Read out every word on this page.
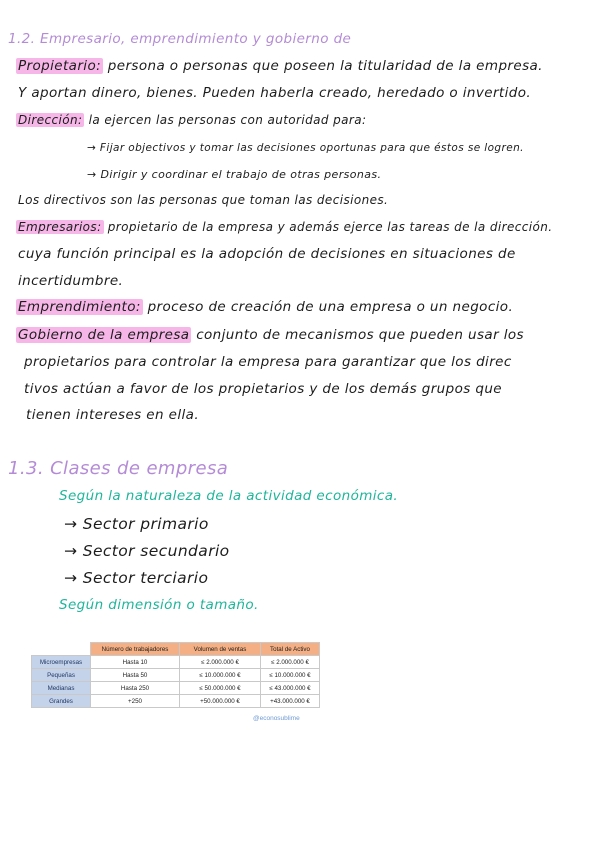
1.2. Empresario, emprendimiento y gobierno de
Propietario: persona o personas que poseen la titularidad de la empresa.
Y aportan dinero, bienes. Pueden haberla creado, heredado o invertido.
Dirección: la ejercen las personas con autoridad para:
→ Fijar objectivos y tomar las decisiones oportunas para que éstos se logren.
→ Dirigir y coordinar el trabajo de otras personas.
Los directivos son las personas que toman las decisiones.
Empresarios: propietario de la empresa y además ejerce las tareas de la dirección.
cuya función principal es la adopción de decisiones en situaciones de
incertidumbre.
Emprendimiento: proceso de creación de una empresa o un negocio.
Gobierno de la empresa conjunto de mecanismos que pueden usar los
propietarios para controlar la empresa para garantizar que los direc
tivos actúan a favor de los propietarios y de los demás grupos que
tienen intereses en ella.
1.3. Clases de empresa
Según la naturaleza de la actividad económica.
→ Sector primario
→ Sector secundario
→ Sector terciario
Según dimensión o tamaño.
	Número de trabajadores	Volumen de ventas	Total de Activo
Microempresas	Hasta 10	≤ 2.000.000 €	≤ 2.000.000 €
Pequeñas	Hasta 50	≤ 10.000.000 €	≤ 10.000.000 €
Medianas	Hasta 250	≤ 50.000.000 €	≤ 43.000.000 €
Grandes	+250	+50.000.000 €	+43.000.000 €
@econosublime
